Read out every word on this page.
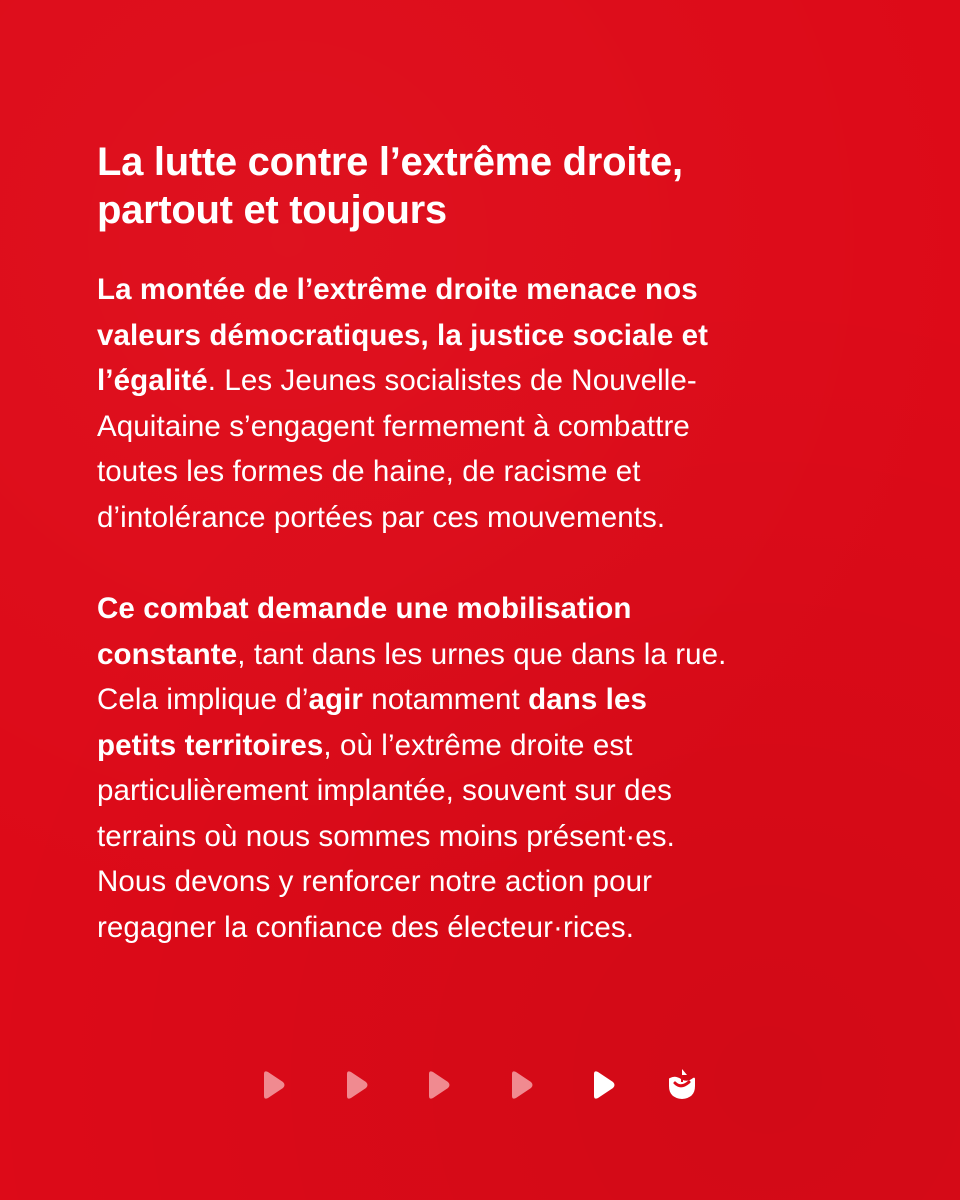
La lutte contre l’extrême droite,
partout et toujours

La montée de l’extrême droite menace nos
valeurs démocratiques, la justice sociale et
l’égalité. Les Jeunes socialistes de Nouvelle-
Aquitaine s’engagent fermement à combattre
toutes les formes de haine, de racisme et
d’intolérance portées par ces mouvements.

Ce combat demande une mobilisation
constante, tant dans les urnes que dans la rue.
Cela implique d’agir notamment dans les
petits territoires, où l’extrême droite est
particulièrement implantée, souvent sur des
terrains où nous sommes moins présent·es.
Nous devons y renforcer notre action pour
regagner la confiance des électeur·rices.
